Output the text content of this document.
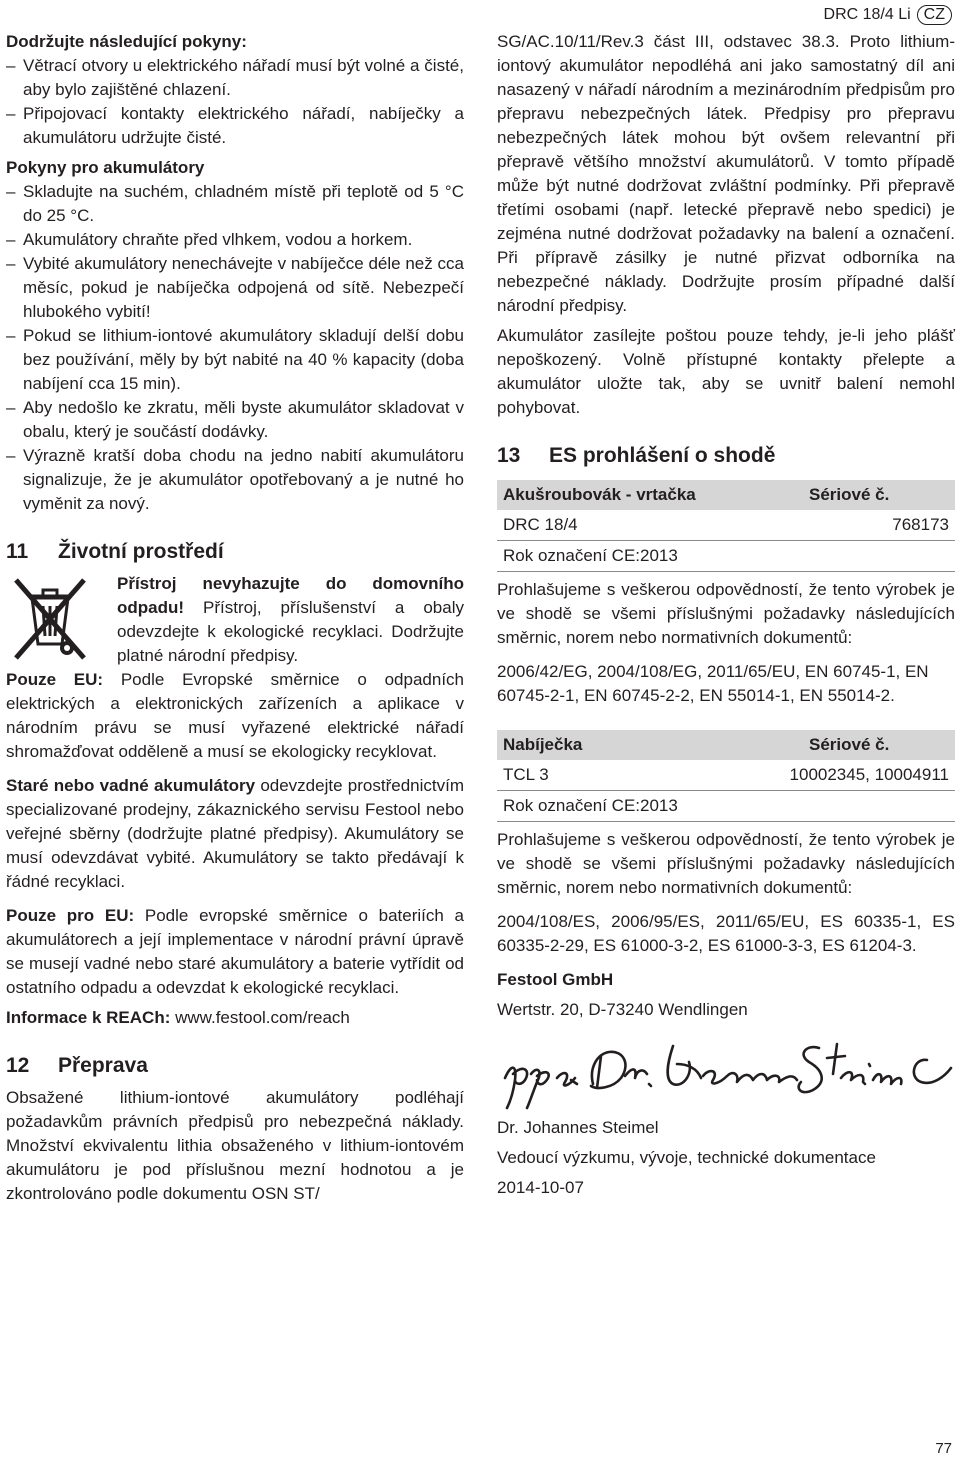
DRC 18/4 Li CZ

Dodržujte následující pokyny:

– Větrací otvory u elektrického nářadí musí být volné a čisté, aby bylo zajištěné chlazení.

– Připojovací kontakty elektrického nářadí, nabíječky a akumulátoru udržujte čisté.

Pokyny pro akumulátory

– Skladujte na suchém, chladném místě při teplotě od 5 °C do 25 °C.

– Akumulátory chraňte před vlhkem, vodou a horkem.

– Vybité akumulátory nenechávejte v nabíječce déle než cca měsíc, pokud je nabíječka odpojená od sítě. Nebezpečí hlubokého vybití!

– Pokud se lithium-iontové akumulátory skladují delší dobu bez používání, měly by být nabité na 40 % kapacity (doba nabíjení cca 15 min).

– Aby nedošlo ke zkratu, měli byste akumulátor skladovat v obalu, který je součástí dodávky.

– Výrazně kratší doba chodu na jedno nabití akumulátoru signalizuje, že je akumulátor opotřebovaný a je nutné ho vyměnit za nový.

11	Životní prostředí

Přístroj nevyhazujte do domovního odpadu! Přístroj, příslušenství a obaly odevzdejte k ekologické recyklaci. Dodržujte platné národní předpisy.

Pouze EU: Podle Evropské směrnice o odpadních elektrických a elektronických zařízeních a aplikace v národním právu se musí vyřazené elektrické nářadí shromažďovat odděleně a musí se ekologicky recyklovat.

Staré nebo vadné akumulátory odevzdejte prostřednictvím specializované prodejny, zákaznického servisu Festool nebo veřejné sběrny (dodržujte platné předpisy). Akumulátory se musí odevzdávat vybité. Akumulátory se takto předávají k řádné recyklaci.

Pouze pro EU: Podle evropské směrnice o bateriích a akumulátorech a její implementace v národní právní úpravě se musejí vadné nebo staré akumulátory a baterie vytřídit od ostatního odpadu a odevzdat k ekologické recyklaci.

Informace k REACh: www.festool.com/reach

12	Přeprava

Obsažené lithium-iontové akumulátory podléhají požadavkům právních předpisů pro nebezpečná náklady. Množství ekvivalentu lithia obsaženého v lithium-iontovém akumulátoru je pod příslušnou mezní hodnotou a je zkontrolováno podle dokumentu OSN ST/

SG/AC.10/11/Rev.3 část III, odstavec 38.3. Proto lithium-iontový akumulátor nepodléhá ani jako samostatný díl ani nasazený v nářadí národním a mezinárodním předpisům pro přepravu nebezpečných látek. Předpisy pro přepravu nebezpečných látek mohou být ovšem relevantní při přepravě většího množství akumulátorů. V tomto případě může být nutné dodržovat zvláštní podmínky. Při přepravě třetími osobami (např. letecké přepravě nebo spedici) je zejména nutné dodržovat požadavky na balení a označení. Při přípravě zásilky je nutné přizvat odborníka na nebezpečné náklady. Dodržujte prosím případné další národní předpisy.

Akumulátor zasílejte poštou pouze tehdy, je-li jeho plášť nepoškozený. Volně přístupné kontakty přelepte a akumulátor uložte tak, aby se uvnitř balení nemohl pohybovat.

13	ES prohlášení o shodě
Akušroubovák - vrtačka	Sériové č.
DRC 18/4	768173
Rok označení CE:2013

Prohlašujeme s veškerou odpovědností, že tento výrobek je ve shodě se všemi příslušnými požadavky následujících směrnic, norem nebo normativních dokumentů:

2006/42/EG, 2004/108/EG, 2011/65/EU, EN 60745-1, EN 60745-2-1, EN 60745-2-2, EN 55014-1, EN 55014-2.

Nabíječka	Sériové č.
TCL 3	10002345, 10004911
Rok označení CE:2013

Prohlašujeme s veškerou odpovědností, že tento výrobek je ve shodě se všemi příslušnými požadavky následujících směrnic, norem nebo normativních dokumentů:

2004/108/ES, 2006/95/ES, 2011/65/EU, ES 60335-1, ES 60335-2-29, ES 61000-3-2, ES 61000-3-3, ES 61204-3.

Festool GmbH

Wertstr. 20, D-73240 Wendlingen

Dr. Johannes Steimel

Vedoucí výzkumu, vývoje, technické dokumentace

2014-10-07

77
